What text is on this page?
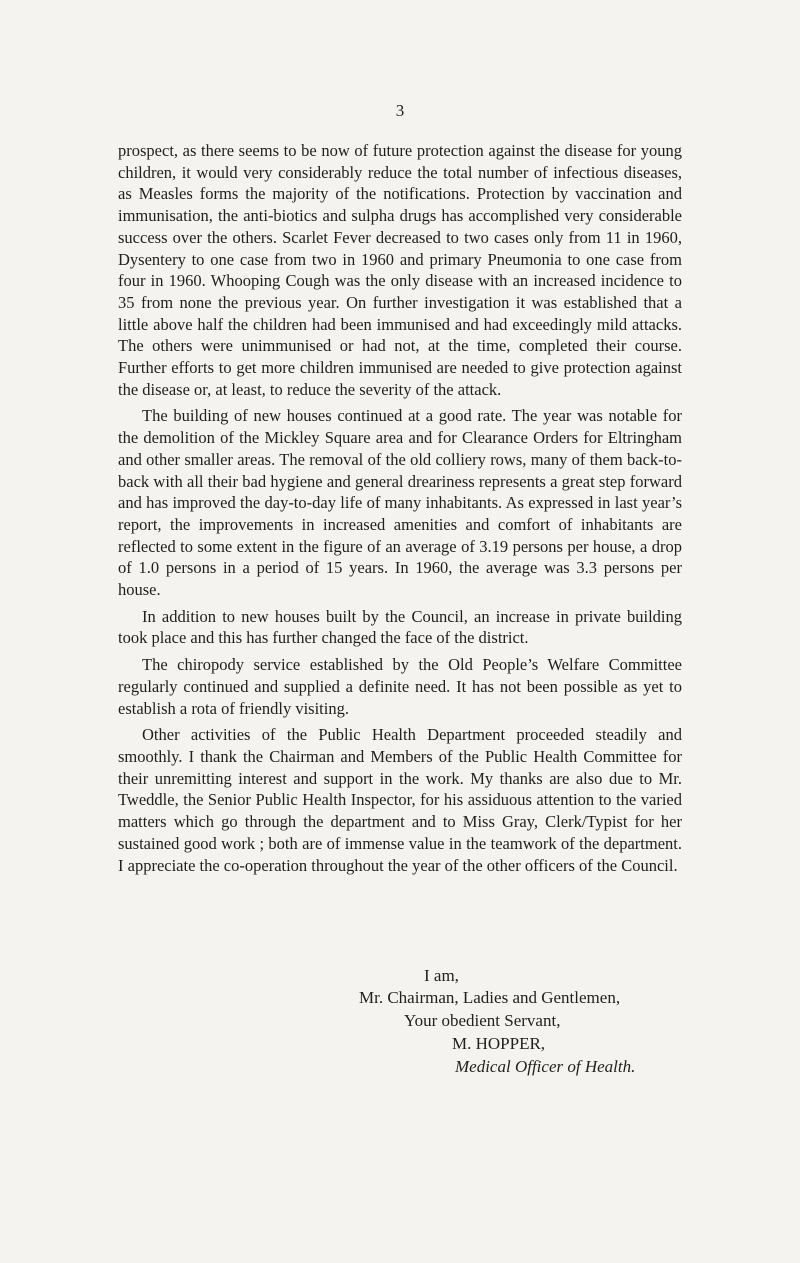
3

prospect, as there seems to be now of future protection against the disease for young children, it would very considerably reduce the total number of infectious diseases, as Measles forms the majority of the notifications. Protection by vaccination and immunisation, the anti-biotics and sulpha drugs has accomplished very considerable success over the others. Scarlet Fever decreased to two cases only from 11 in 1960, Dysentery to one case from two in 1960 and primary Pneumonia to one case from four in 1960. Whooping Cough was the only disease with an increased incidence to 35 from none the previous year. On further investigation it was established that a little above half the children had been immunised and had exceedingly mild attacks. The others were unimmunised or had not, at the time, completed their course. Further efforts to get more children immunised are needed to give protection against the disease or, at least, to reduce the severity of the attack.

The building of new houses continued at a good rate. The year was notable for the demolition of the Mickley Square area and for Clearance Orders for Eltringham and other smaller areas. The removal of the old colliery rows, many of them back-to-back with all their bad hygiene and general dreariness represents a great step forward and has improved the day-to-day life of many inhabitants. As expressed in last year’s report, the improvements in increased amenities and comfort of inhabitants are reflected to some extent in the figure of an average of 3.19 persons per house, a drop of 1.0 persons in a period of 15 years. In 1960, the average was 3.3 persons per house.

In addition to new houses built by the Council, an increase in private building took place and this has further changed the face of the district.

The chiropody service established by the Old People’s Welfare Committee regularly continued and supplied a definite need. It has not been possible as yet to establish a rota of friendly visiting.

Other activities of the Public Health Department proceeded steadily and smoothly. I thank the Chairman and Members of the Public Health Committee for their unremitting interest and support in the work. My thanks are also due to Mr. Tweddle, the Senior Public Health Inspector, for his assiduous attention to the varied matters which go through the department and to Miss Gray, Clerk/Typist for her sustained good work ; both are of immense value in the teamwork of the department. I appreciate the co-operation throughout the year of the other officers of the Council.

I am,
Mr. Chairman, Ladies and Gentlemen,
Your obedient Servant,
M. HOPPER,
Medical Officer of Health.
